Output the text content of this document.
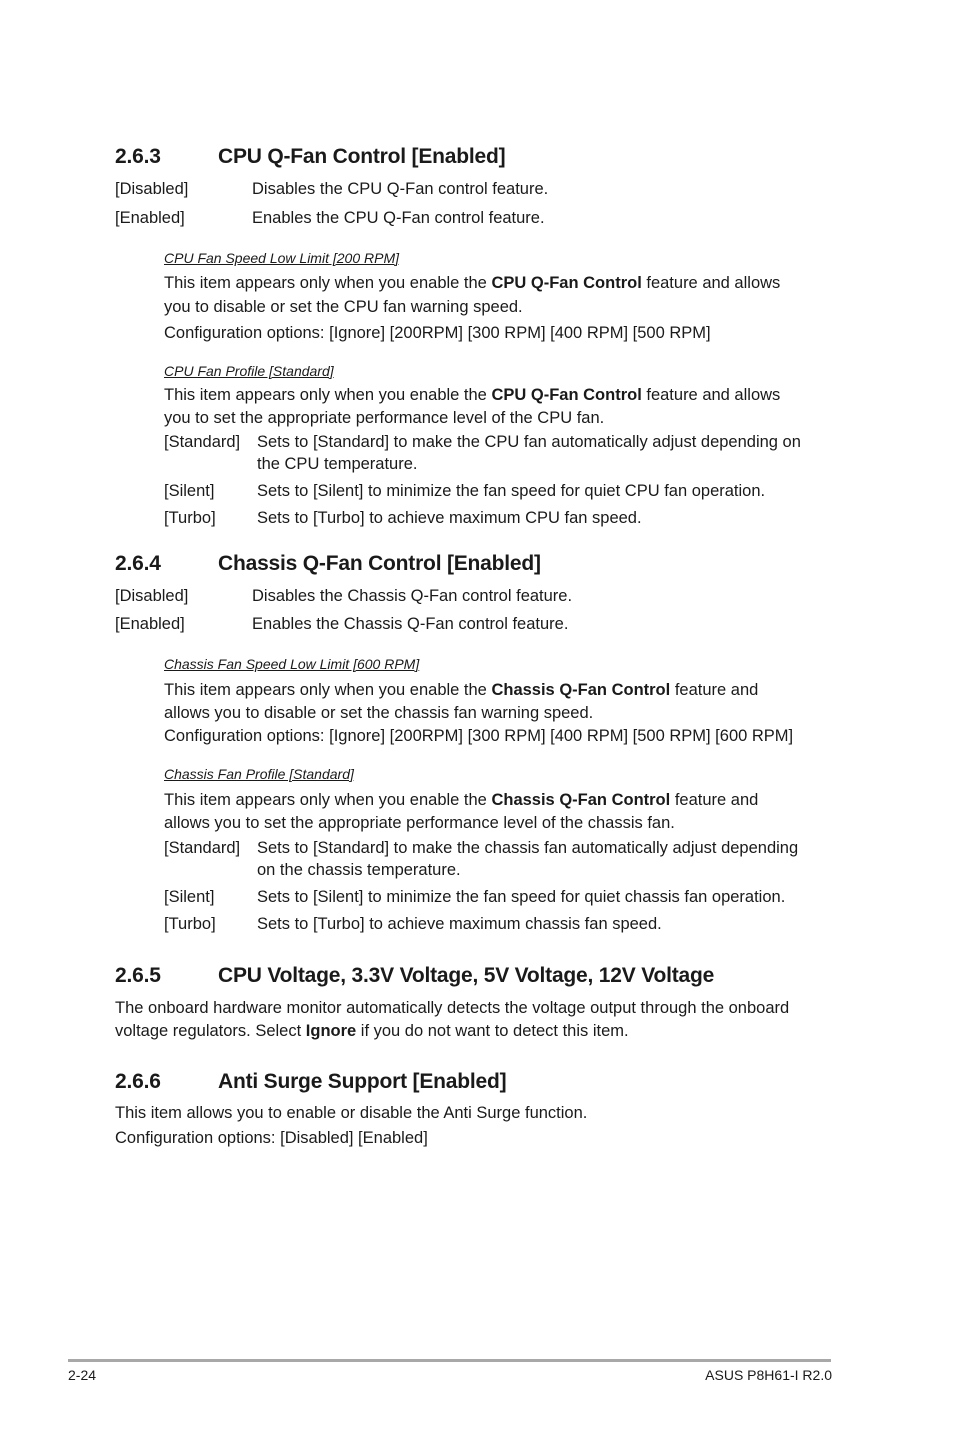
2.6.3	CPU Q-Fan Control [Enabled]
[Disabled]	Disables the CPU Q-Fan control feature.
[Enabled]	Enables the CPU Q-Fan control feature.
CPU Fan Speed Low Limit [200 RPM]
This item appears only when you enable the CPU Q-Fan Control feature and allows
you to disable or set the CPU fan warning speed.
Configuration options: [Ignore] [200RPM] [300 RPM] [400 RPM] [500 RPM]
CPU Fan Profile [Standard]
This item appears only when you enable the CPU Q-Fan Control feature and allows
you to set the appropriate performance level of the CPU fan.
[Standard] Sets to [Standard] to make the CPU fan automatically adjust depending on
the CPU temperature.
[Silent]	Sets to [Silent] to minimize the fan speed for quiet CPU fan operation.
[Turbo]	Sets to [Turbo] to achieve maximum CPU fan speed.
2.6.4	Chassis Q-Fan Control [Enabled]
[Disabled]	Disables the Chassis Q-Fan control feature.
[Enabled]	Enables the Chassis Q-Fan control feature.
Chassis Fan Speed Low Limit [600 RPM]
This item appears only when you enable the Chassis Q-Fan Control feature and
allows you to disable or set the chassis fan warning speed.
Configuration options: [Ignore] [200RPM] [300 RPM] [400 RPM] [500 RPM] [600 RPM]
Chassis Fan Profile [Standard]
This item appears only when you enable the Chassis Q-Fan Control feature and
allows you to set the appropriate performance level of the chassis fan.
[Standard] Sets to [Standard] to make the chassis fan automatically adjust depending
on the chassis temperature.
[Silent]	Sets to [Silent] to minimize the fan speed for quiet chassis fan operation.
[Turbo]	Sets to [Turbo] to achieve maximum chassis fan speed.
2.6.5	CPU Voltage, 3.3V Voltage, 5V Voltage, 12V Voltage
The onboard hardware monitor automatically detects the voltage output through the onboard
voltage regulators. Select Ignore if you do not want to detect this item.
2.6.6	Anti Surge Support [Enabled]
This item allows you to enable or disable the Anti Surge function.
Configuration options: [Disabled] [Enabled]
2-24	ASUS P8H61-I R2.0
